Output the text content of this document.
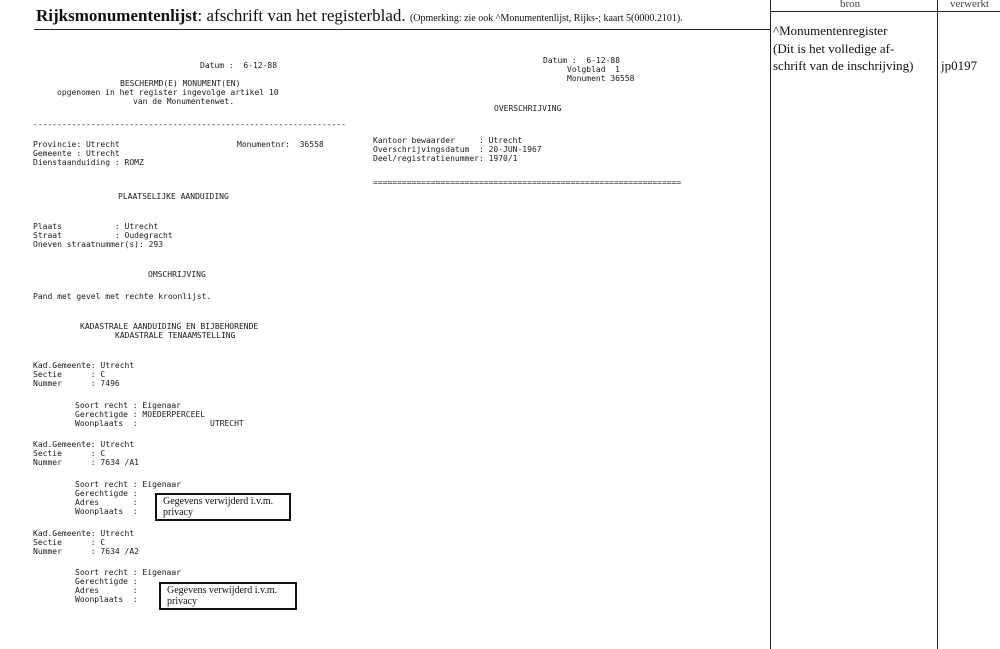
Rijksmonumentenlijst: afschrift van het registerblad. (Opmerking: zie ook ^Monumentenlijst, Rijks-; kaart 5(0000.2101).
bron	verwerkt
^Monumentenregister
(Dit is het volledige af-
schrift van de inschrijving) jp0197
Datum :  6-12-88
BESCHERMD(E) MONUMENT(EN)
opgenomen in het register ingevolge artikel 10
van de Monumentenwet.
-----------------------------------------------------------------
Provincie: Utrecht	Monumentnr:  36558
Gemeente : Utrecht
Dienstaanduiding : ROMZ
PLAATSELIJKE AANDUIDING
Plaats           : Utrecht
Straat           : Oudegracht
Oneven straatnummer(s): 293
OMSCHRIJVING
Pand met gevel met rechte kroonlijst.
KADASTRALE AANDUIDING EN BIJBEHORENDE
KADASTRALE TENAAMSTELLING
Kad.Gemeente: Utrecht
Sectie      : C
Nummer      : 7496
Soort recht : Eigenaar
Gerechtigde : MOEDERPERCEEL
Woonplaats  :	UTRECHT
Kad.Gemeente: Utrecht
Sectie      : C
Nummer      : 7634 /A1
Soort recht : Eigenaar
Gerechtigde :
Adres       :
Woonplaats  :
Gegevens verwijderd i.v.m.
privacy
Kad.Gemeente: Utrecht
Sectie      : C
Nummer      : 7634 /A2
Soort recht : Eigenaar
Gerechtigde :
Adres       :
Woonplaats  :
Gegevens verwijderd i.v.m.
privacy
Datum :  6-12-88
Volgblad  1
Monument 36558
OVERSCHRIJVING
Kantoor bewaarder     : Utrecht
Overschrijvingsdatum  : 20-JUN-1967
Deel/registratienummer: 1970/1
================================================================
